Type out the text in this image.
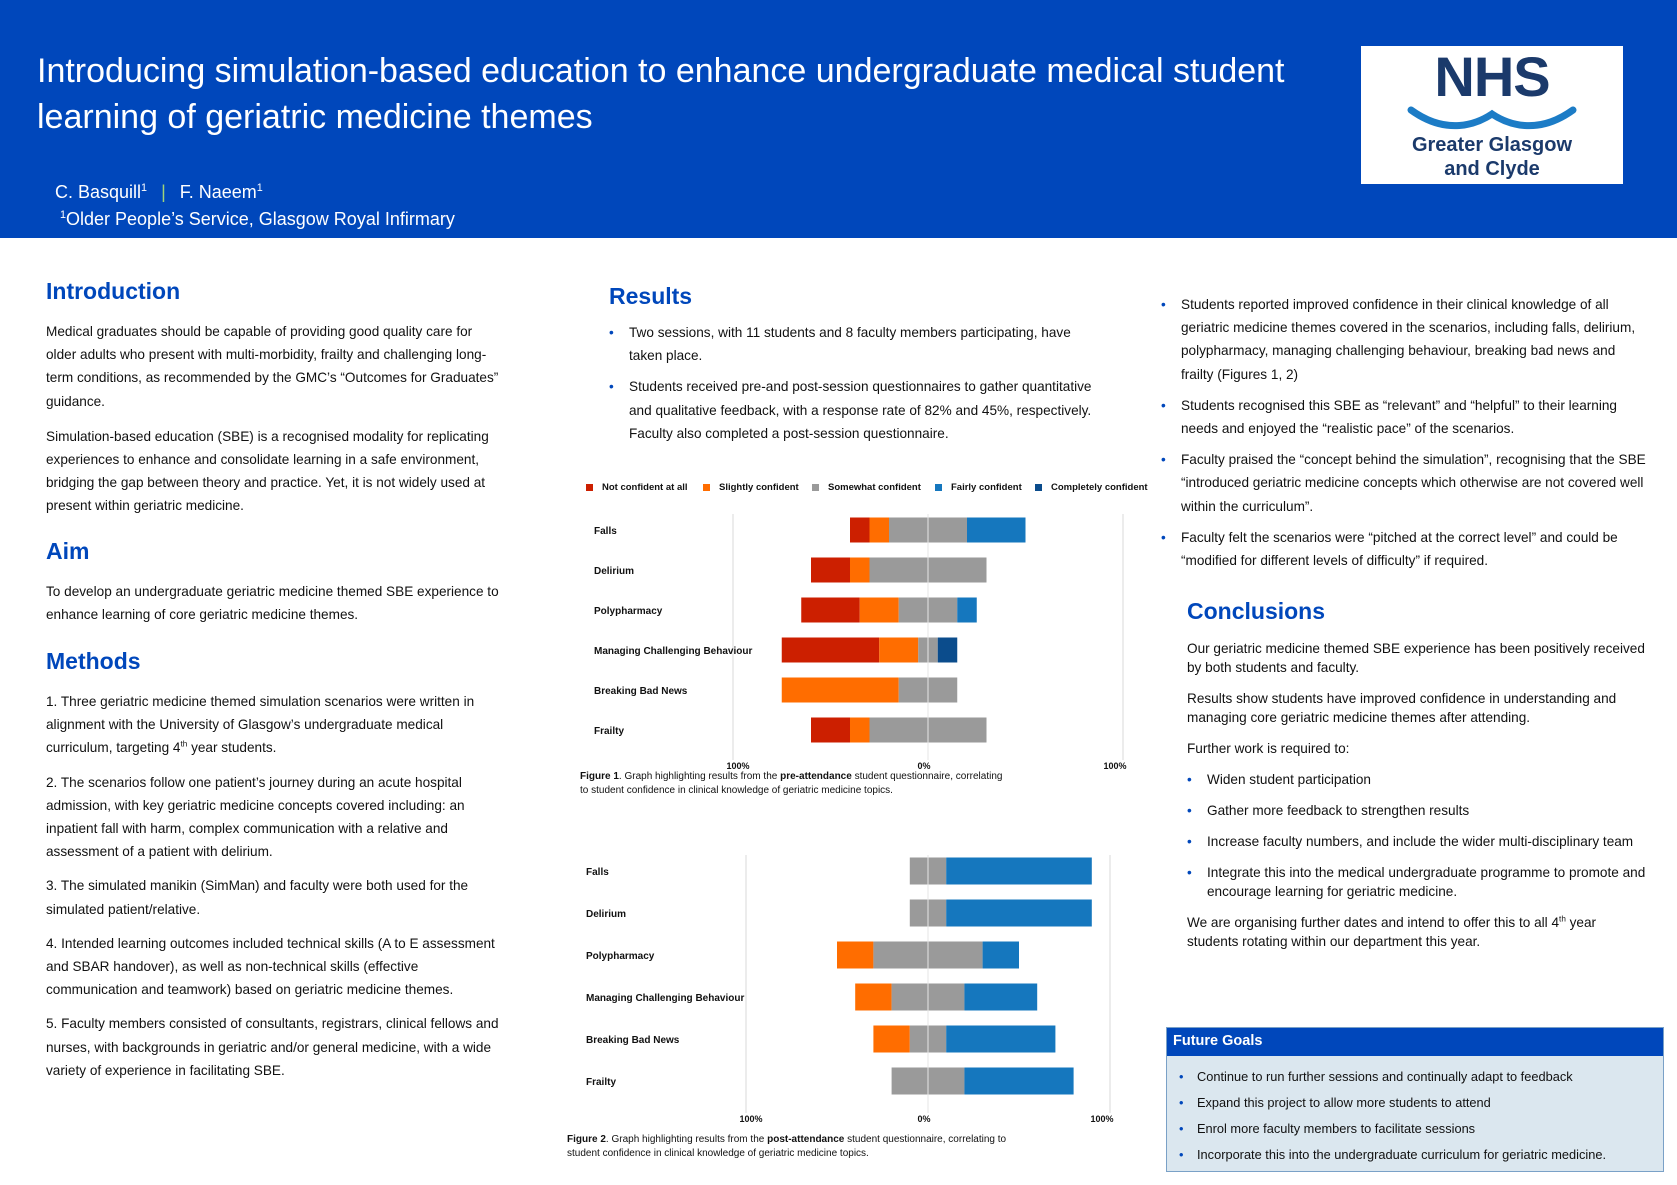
Introducing simulation-based education to enhance undergraduate medical student
learning of geriatric medicine themes
C. Basquill$^1$ | F. Naeem$^1$
$^1$Older People’s Service, Glasgow Royal Infirmary
NHS
Greater Glasgow
and Clyde
Introduction

Medical graduates should be capable of providing good quality care for older adults who present with multi-morbidity, frailty and challenging long-term conditions, as recommended by the GMC’s “Outcomes for Graduates” guidance.

Simulation-based education (SBE) is a recognised modality for replicating experiences to enhance and consolidate learning in a safe environment, bridging the gap between theory and practice. Yet, it is not widely used at present within geriatric medicine.

Aim

To develop an undergraduate geriatric medicine themed SBE experience to enhance learning of core geriatric medicine themes.

Methods

1. Three geriatric medicine themed simulation scenarios were written in alignment with the University of Glasgow’s undergraduate medical curriculum, targeting 4th year students.

2. The scenarios follow one patient’s journey during an acute hospital admission, with key geriatric medicine concepts covered including: an inpatient fall with harm, complex communication with a relative and assessment of a patient with delirium.

3. The simulated manikin (SimMan) and faculty were both used for the simulated patient/relative.

4. Intended learning outcomes included technical skills (A to E assessment and SBAR handover), as well as non-technical skills (effective communication and teamwork) based on geriatric medicine themes.

5. Faculty members consisted of consultants, registrars, clinical fellows and nurses, with backgrounds in geriatric and/or general medicine, with a wide variety of experience in facilitating SBE.

Results
• Two sessions, with 11 students and 8 faculty members participating, have taken place.
• Students received pre-and post-session questionnaires to gather quantitative and qualitative feedback, with a response rate of 82% and 45%, respectively. Faculty also completed a post-session questionnaire.
Not confident at all	Slightly confident	Somewhat confident	Fairly confident	Completely confident
Falls
Delirium
Polypharmacy
Managing Challenging Behaviour
Breaking Bad News
Frailty
100%	0%	100%
Figure 1. Graph highlighting results from the pre-attendance student questionnaire, correlating
to student confidence in clinical knowledge of geriatric medicine topics.
Falls
Delirium
Polypharmacy
Managing Challenging Behaviour
Breaking Bad News
Frailty
100%	0%	100%
Figure 2. Graph highlighting results from the post-attendance student questionnaire, correlating to
student confidence in clinical knowledge of geriatric medicine topics.
• Students reported improved confidence in their clinical knowledge of all geriatric medicine themes covered in the scenarios, including falls, delirium, polypharmacy, managing challenging behaviour, breaking bad news and frailty (Figures 1, 2)
• Students recognised this SBE as “relevant” and “helpful” to their learning needs and enjoyed the “realistic pace” of the scenarios.
• Faculty praised the “concept behind the simulation”, recognising that the SBE “introduced geriatric medicine concepts which otherwise are not covered well within the curriculum”.
• Faculty felt the scenarios were “pitched at the correct level” and could be “modified for different levels of difficulty” if required.
Conclusions

Our geriatric medicine themed SBE experience has been positively received by both students and faculty.

Results show students have improved confidence in understanding and managing core geriatric medicine themes after attending.

Further work is required to:

• Widen student participation
• Gather more feedback to strengthen results
• Increase faculty numbers, and include the wider multi-disciplinary team
• Integrate this into the medical undergraduate programme to promote and encourage learning for geriatric medicine.

We are organising further dates and intend to offer this to all 4th year students rotating within our department this year.

Future Goals
• Continue to run further sessions and continually adapt to feedback
• Expand this project to allow more students to attend
• Enrol more faculty members to facilitate sessions
• Incorporate this into the undergraduate curriculum for geriatric medicine.
